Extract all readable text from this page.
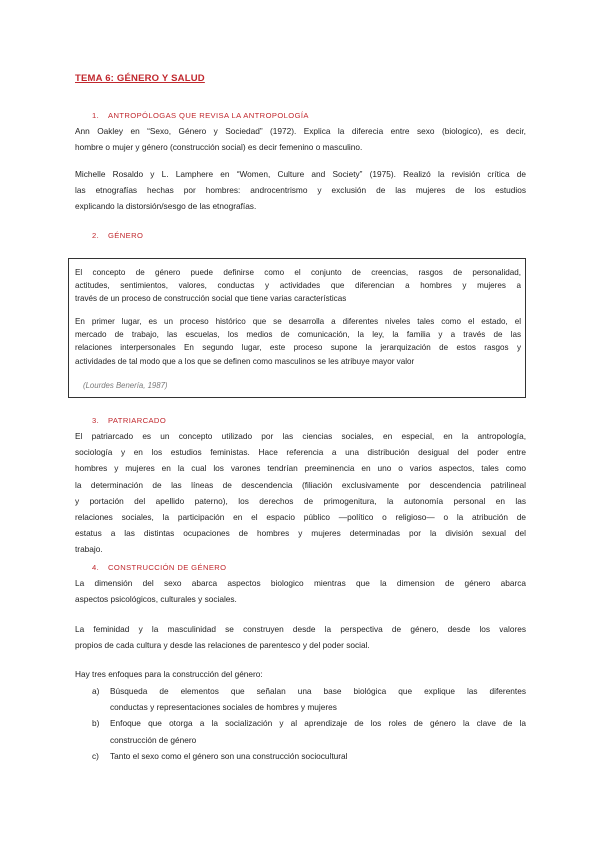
TEMA 6: GÉNERO Y SALUD
1. ANTROPÓLOGAS QUE REVISA LA ANTROPOLOGÍA
Ann Oakley en “Sexo, Género y Sociedad” (1972). Explica la diferecia entre sexo (biologico), es decir,
hombre o mujer y género (construcción social) es decir femenino o masculino.
Michelle Rosaldo y L. Lamphere en “Women, Culture and Society” (1975). Realizó la revisión crítica de
las etnografías hechas por hombres: androcentrismo y exclusión de las mujeres de los estudios
explicando la distorsión/sesgo de las etnografías.
2. GÉNERO
El concepto de género puede definirse como el conjunto de creencias, rasgos de personalidad,
actitudes, sentimientos, valores, conductas y actividades que diferencian a hombres y mujeres a
través de un proceso de construcción social que tiene varias características
En primer lugar, es un proceso histórico que se desarrolla a diferentes niveles tales como el estado, el
mercado de trabajo, las escuelas, los medios de comunicación, la ley, la familia y a través de las
relaciones interpersonales En segundo lugar, este proceso supone la jerarquización de estos rasgos y
actividades de tal modo que a los que se definen como masculinos se les atribuye mayor valor
(Lourdes Benería, 1987)
3. PATRIARCADO
El patriarcado es un concepto utilizado por las ciencias sociales, en especial, en la antropología,
sociología y en los estudios feministas. Hace referencia a una distribución desigual del poder entre
hombres y mujeres en la cual los varones tendrían preeminencia en uno o varios aspectos, tales como
la determinación de las líneas de descendencia (filiación exclusivamente por descendencia patrilineal
y portación del apellido paterno), los derechos de primogenitura, la autonomía personal en las
relaciones sociales, la participación en el espacio público —político o religioso— o la atribución de
estatus a las distintas ocupaciones de hombres y mujeres determinadas por la división sexual del
trabajo.
4. CONSTRUCCIÓN DE GÉNERO
La dimensión del sexo abarca aspectos biologico mientras que la dimension de género abarca
aspectos psicológicos, culturales y sociales.
La feminidad y la masculinidad se construyen desde la perspectiva de género, desde los valores
propios de cada cultura y desde las relaciones de parentesco y del poder social.
Hay tres enfoques para la construcción del género:
a) Búsqueda de elementos que señalan una base biológica que explique las diferentes
conductas y representaciones sociales de hombres y mujeres
b) Enfoque que otorga a la socialización y al aprendizaje de los roles de género la clave de la
construcción de género
c) Tanto el sexo como el género son una construcción sociocultural
